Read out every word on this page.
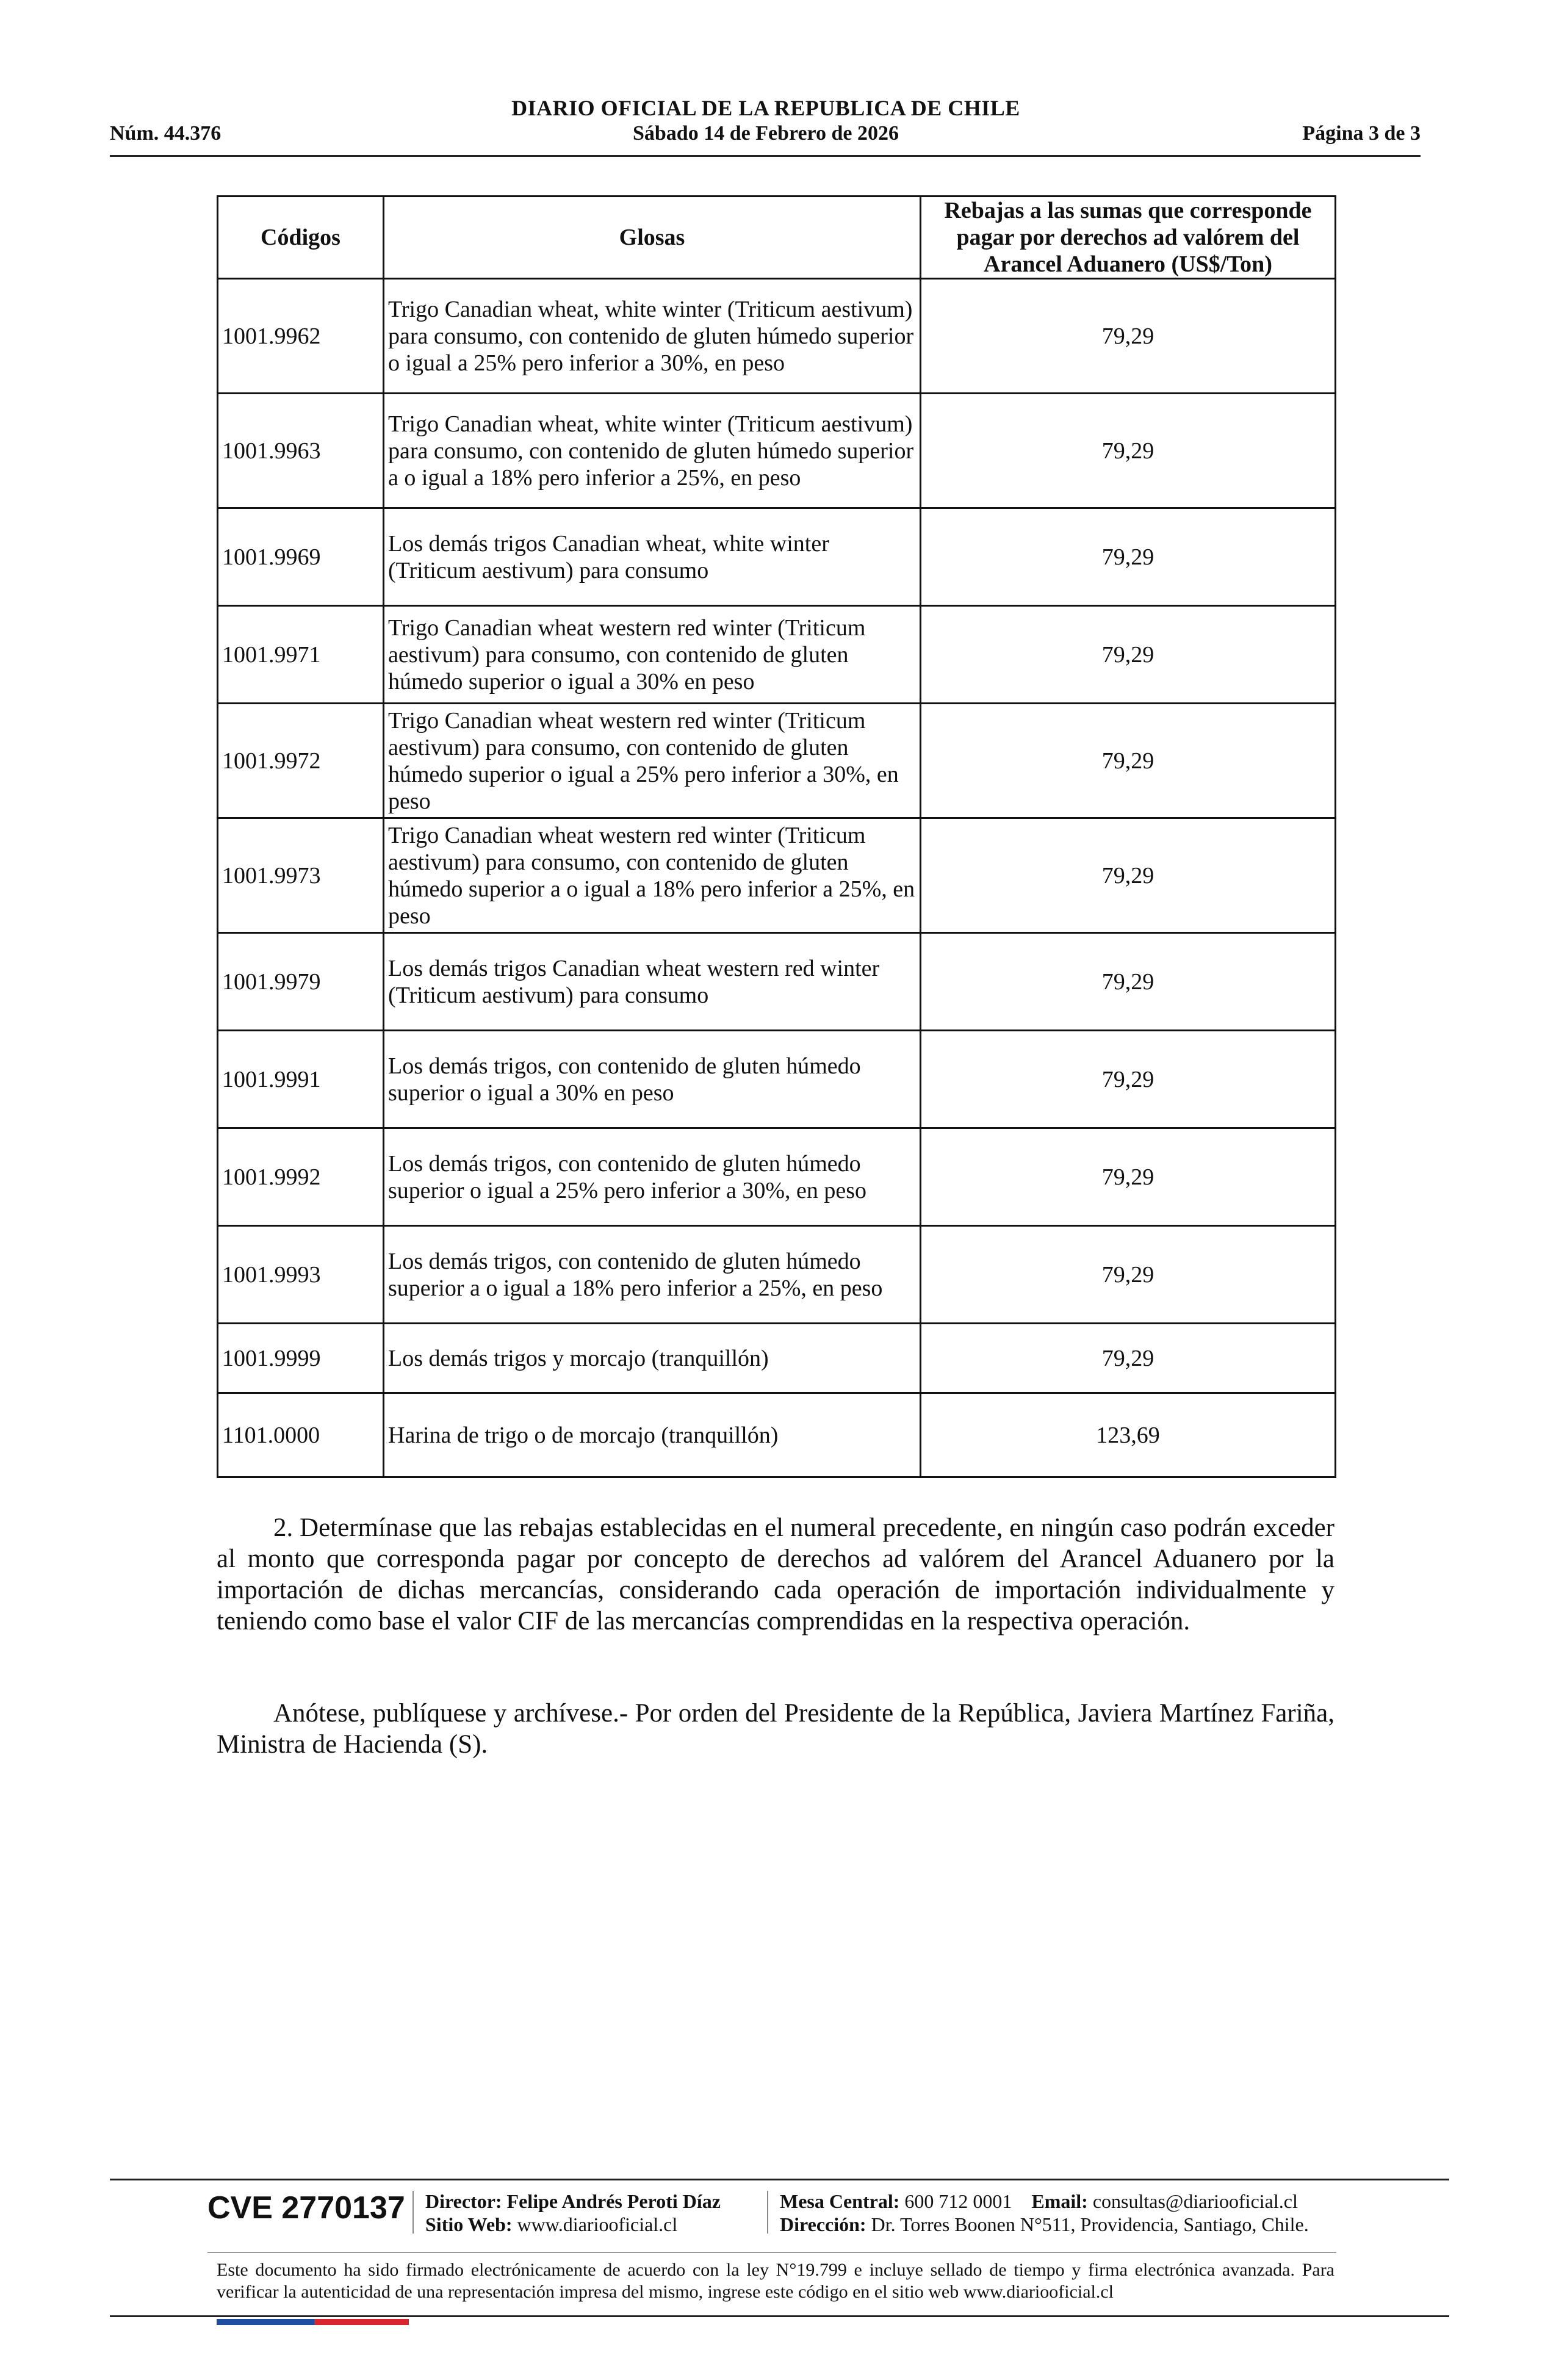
DIARIO OFICIAL DE LA REPUBLICA DE CHILE
Núm. 44.376	Sábado 14 de Febrero de 2026	Página 3 de 3
Códigos	Glosas	Rebajas a las sumas que corresponde pagar por derechos ad valórem del Arancel Aduanero (US$/Ton)
1001.9962	Trigo Canadian wheat, white winter (Triticum aestivum) para consumo, con contenido de gluten húmedo superior o igual a 25% pero inferior a 30%, en peso	79,29
1001.9963	Trigo Canadian wheat, white winter (Triticum aestivum) para consumo, con contenido de gluten húmedo superior a o igual a 18% pero inferior a 25%, en peso	79,29
1001.9969	Los demás trigos Canadian wheat, white winter (Triticum aestivum) para consumo	79,29
1001.9971	Trigo Canadian wheat western red winter (Triticum aestivum) para consumo, con contenido de gluten húmedo superior o igual a 30% en peso	79,29
1001.9972	Trigo Canadian wheat western red winter (Triticum aestivum) para consumo, con contenido de gluten húmedo superior o igual a 25% pero inferior a 30%, en peso	79,29
1001.9973	Trigo Canadian wheat western red winter (Triticum aestivum) para consumo, con contenido de gluten húmedo superior a o igual a 18% pero inferior a 25%, en peso	79,29
1001.9979	Los demás trigos Canadian wheat western red winter (Triticum aestivum) para consumo	79,29
1001.9991	Los demás trigos, con contenido de gluten húmedo superior o igual a 30% en peso	79,29
1001.9992	Los demás trigos, con contenido de gluten húmedo superior o igual a 25% pero inferior a 30%, en peso	79,29
1001.9993	Los demás trigos, con contenido de gluten húmedo superior a o igual a 18% pero inferior a 25%, en peso	79,29
1001.9999	Los demás trigos y morcajo (tranquillón)	79,29
1101.0000	Harina de trigo o de morcajo (tranquillón)	123,69

2. Determínase que las rebajas establecidas en el numeral precedente, en ningún caso podrán exceder al monto que corresponda pagar por concepto de derechos ad valórem del Arancel Aduanero por la importación de dichas mercancías, considerando cada operación de importación individualmente y teniendo como base el valor CIF de las mercancías comprendidas en la respectiva operación.

Anótese, publíquese y archívese.- Por orden del Presidente de la República, Javiera Martínez Fariña, Ministra de Hacienda (S).

CVE 2770137 Director: Felipe Andrés Peroti Díaz
Sitio Web: www.diariooficial.cl
Mesa Central: 600 712 0001 Email: consultas@diariooficial.cl
Dirección: Dr. Torres Boonen N°511, Providencia, Santiago, Chile.

Este documento ha sido firmado electrónicamente de acuerdo con la ley N°19.799 e incluye sellado de tiempo y firma electrónica avanzada. Para verificar la autenticidad de una representación impresa del mismo, ingrese este código en el sitio web www.diariooficial.cl
